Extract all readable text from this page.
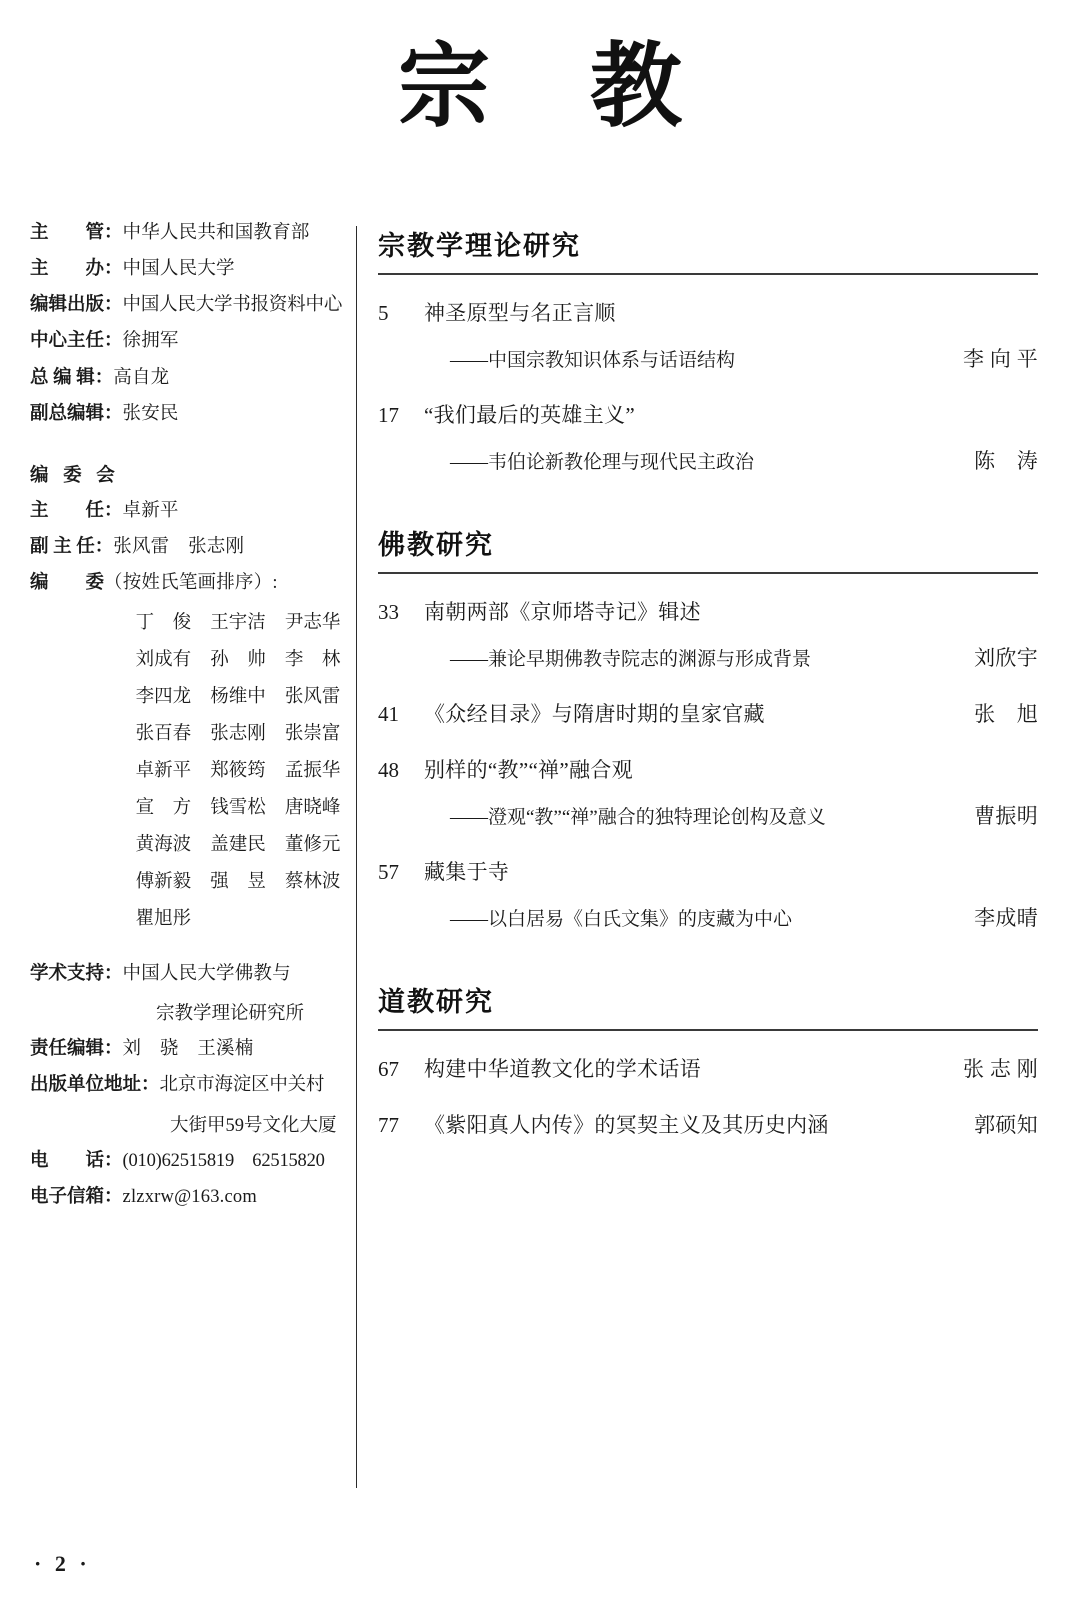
宗 教
主　　管 ： 中华人民共和国教育部
主　　办 ： 中国人民大学
编辑出版 ： 中国人民大学书报资料中心
中心主任 ： 徐拥军
总 编 辑 ： 高自龙
副总编辑 ： 张安民
编 委 会
主　　任 ： 卓新平
副 主 任 ： 张风雷　张志刚
编　　委 （按姓氏笔画排序）:
丁　俊	王宇洁	尹志华
刘成有	孙　帅	李　林
李四龙	杨维中	张风雷
张百春	张志刚	张崇富
卓新平	郑筱筠	孟振华
宣　方	钱雪松	唐晓峰
黄海波	盖建民	董修元
傅新毅	强　昱	蔡林波
瞿旭彤
学术支持 ： 中国人民大学佛教与
宗教学理论研究所
责任编辑 ： 刘　骁　王溪楠
出版单位地址 ： 北京市海淀区中关村
大街甲59号文化大厦
电　　话 ： (010)62515819　62515820
电子信箱 ： zlzxrw@163.com
宗教学理论研究
5	神圣原型与名正言顺
——中国宗教知识体系与话语结构	李 向 平
17	“我们最后的英雄主义”
——韦伯论新教伦理与现代民主政治	陈　涛
佛教研究
33	南朝两部《京师塔寺记》辑述
——兼论早期佛教寺院志的渊源与形成背景	刘欣宇
41	《众经目录》与隋唐时期的皇家官藏	张　旭
48	别样的“教”“禅”融合观
——澄观“教”“禅”融合的独特理论创构及意义	曹振明
57	藏集于寺
——以白居易《白氏文集》的庋藏为中心	李成晴
道教研究
67	构建中华道教文化的学术话语	张 志 刚
77	《紫阳真人内传》的冥契主义及其历史内涵	郭硕知
· 2 ·
